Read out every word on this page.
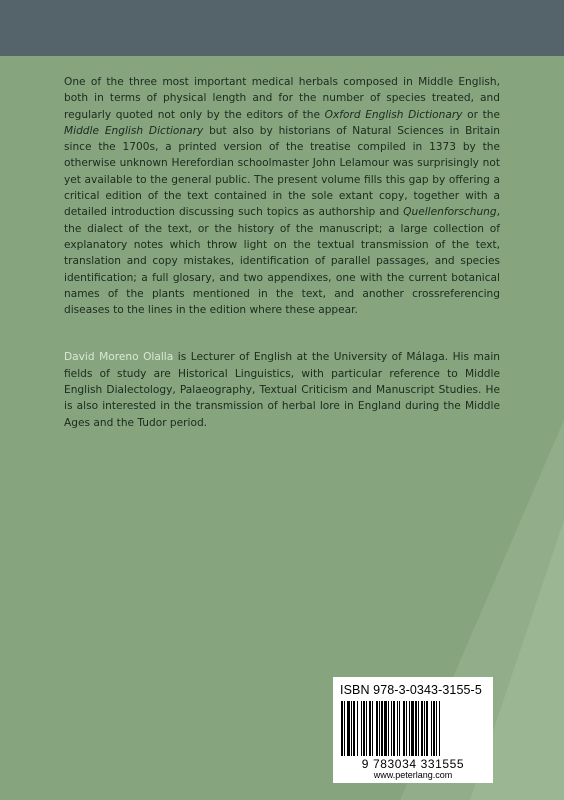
One of the three most important medical herbals composed in Middle English, both in terms of physical length and for the number of species treated, and regularly quoted not only by the editors of the Oxford English Dictionary or the Middle English Dictionary but also by historians of Natural Sciences in Britain since the 1700s, a printed version of the treatise compiled in 1373 by the otherwise unknown Herefordian schoolmaster John Lelamour was surprisingly not yet available to the general public. The present volume fills this gap by offering a critical edition of the text contained in the sole extant copy, together with a detailed introduction discussing such topics as authorship and Quellenforschung, the dialect of the text, or the history of the manuscript; a large collection of explanatory notes which throw light on the textual transmission of the text, translation and copy mistakes, identification of parallel passages, and species identification; a full glosary, and two appendixes, one with the current botanical names of the plants mentioned in the text, and another crossreferencing diseases to the lines in the edition where these appear.

David Moreno Olalla is Lecturer of English at the University of Málaga. His main fields of study are Historical Linguistics, with particular reference to Middle English Dialectology, Palaeography, Textual Criticism and Manuscript Studies. He is also interested in the transmission of herbal lore in England during the Middle Ages and the Tudor period.

ISBN 978-3-0343-3155-5
9 783034 331555
www.peterlang.com
